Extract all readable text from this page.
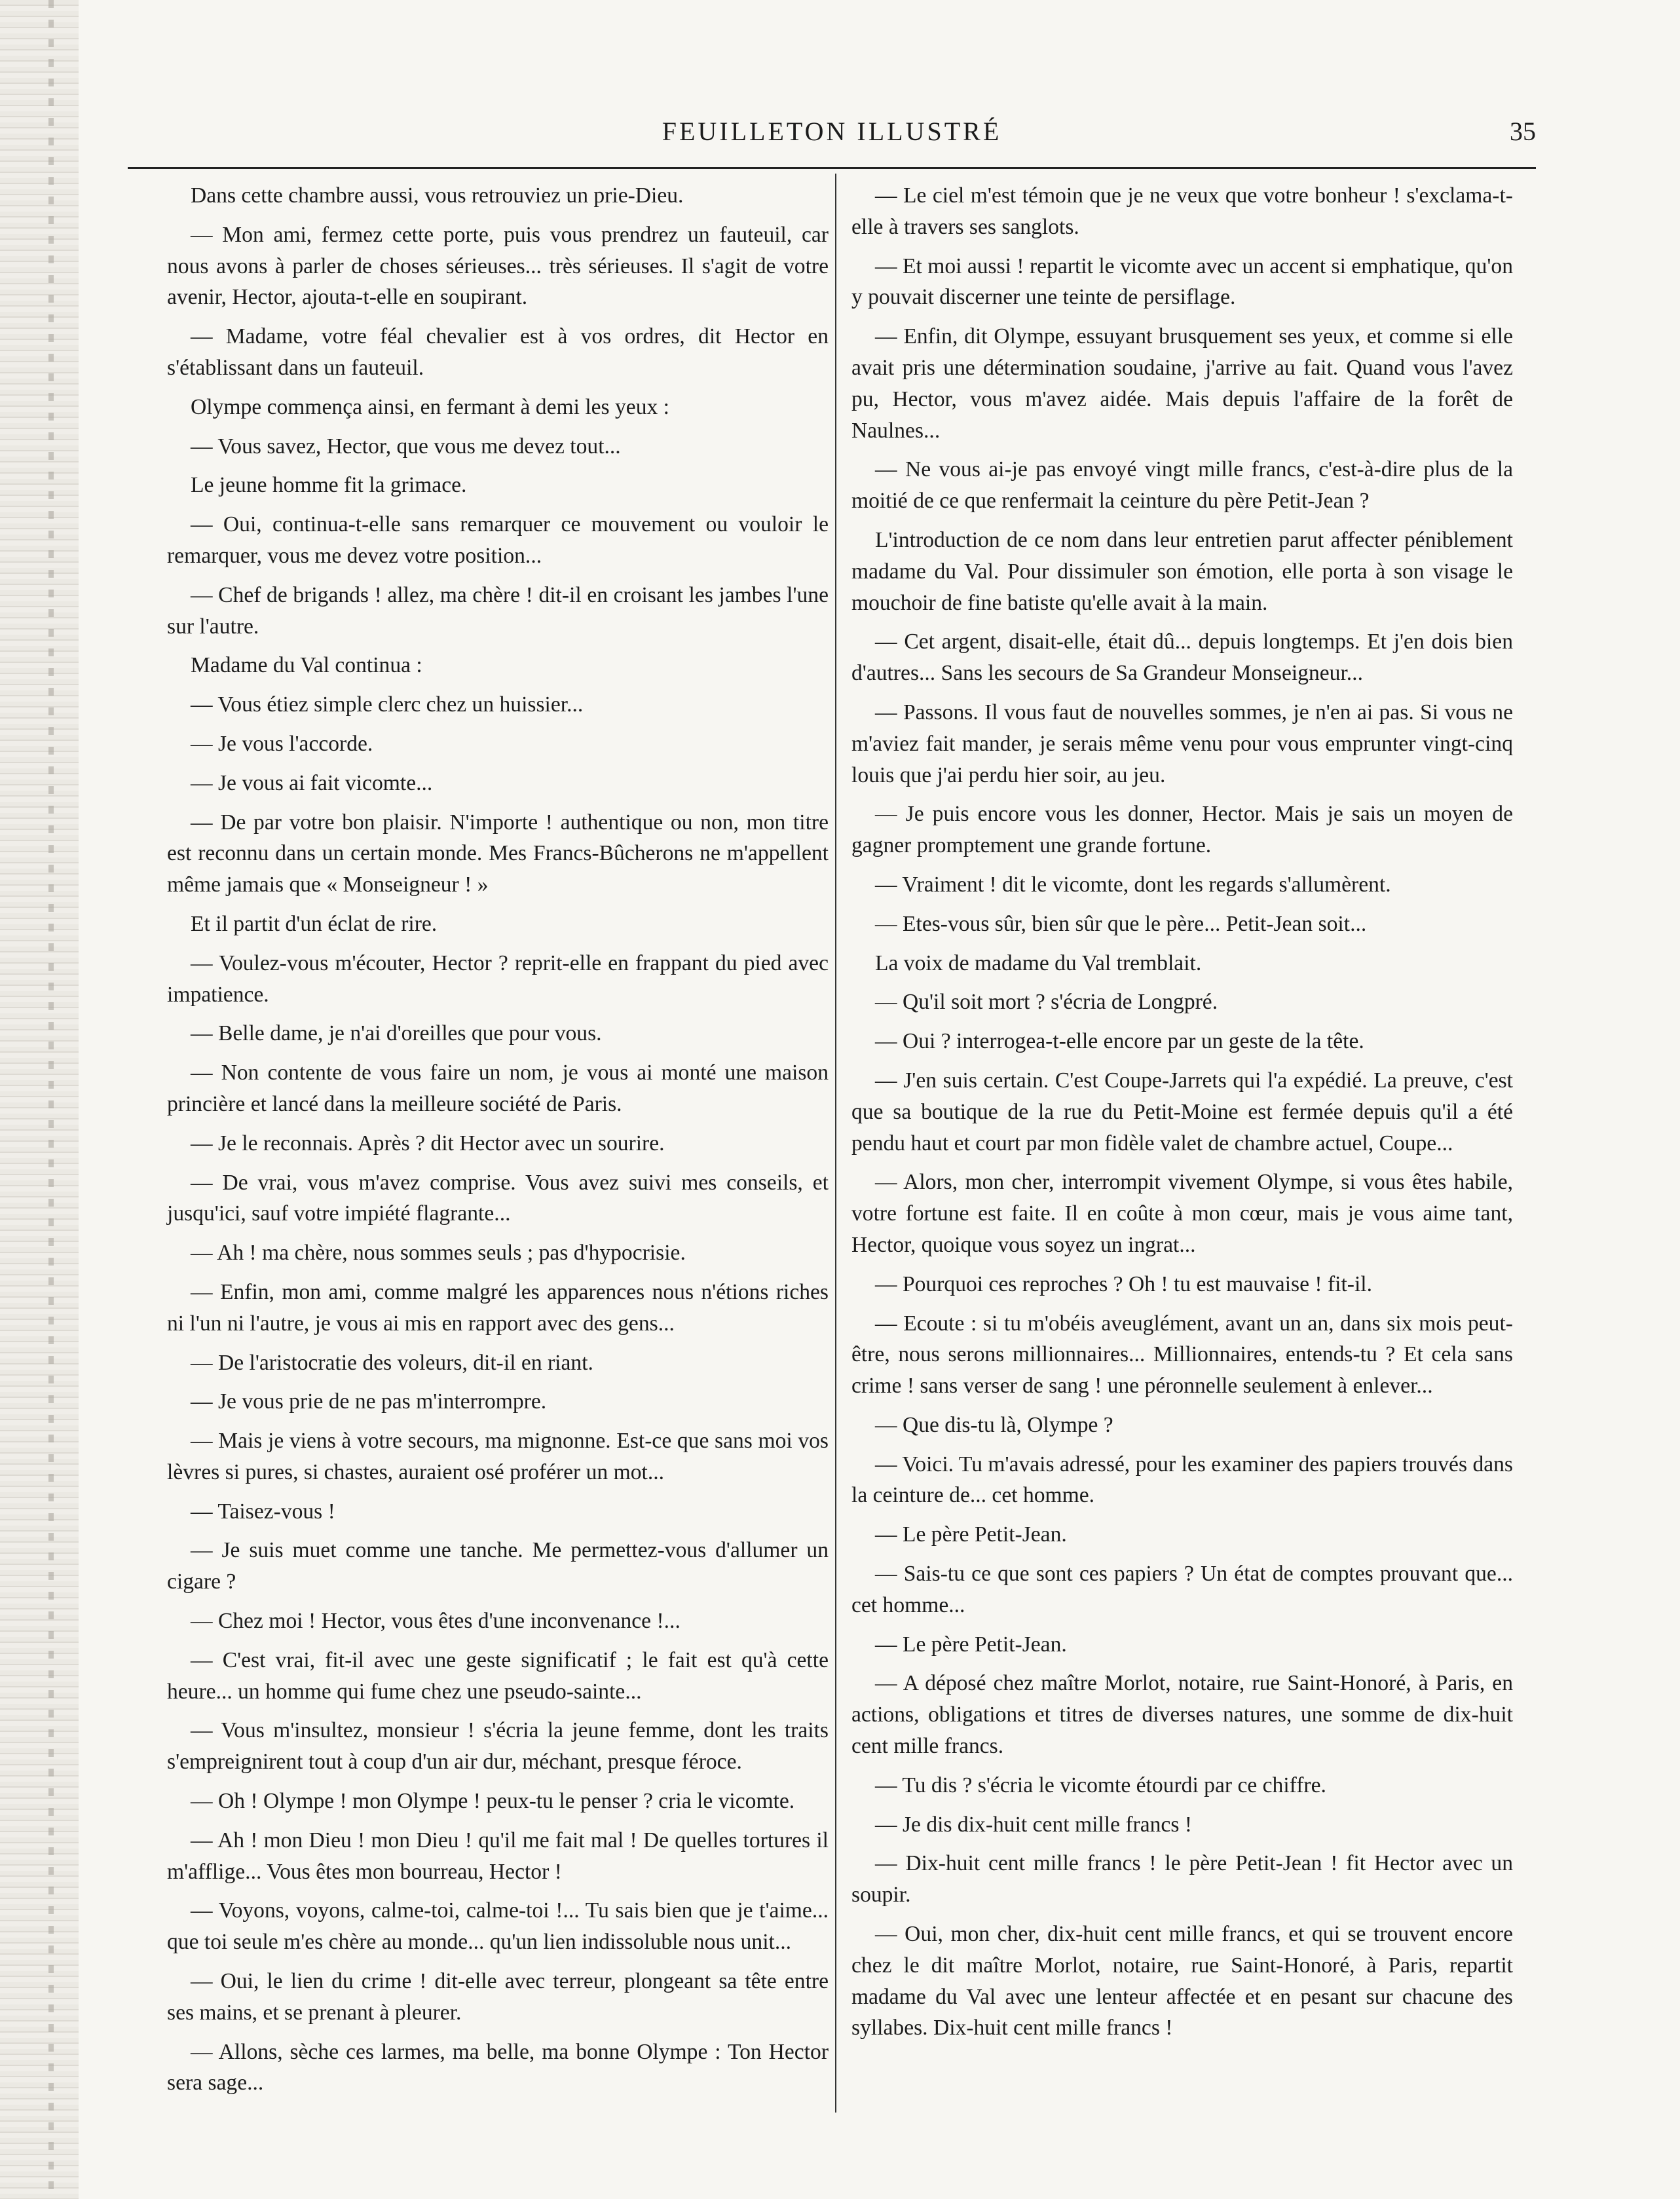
FEUILLETON ILLUSTRÉ	35

Dans cette chambre aussi, vous retrouviez un prie-Dieu.

— Mon ami, fermez cette porte, puis vous prendrez un fauteuil, car nous avons à parler de choses sérieuses... très sérieuses. Il s'agit de votre avenir, Hector, ajouta-t-elle en soupirant.

— Madame, votre féal chevalier est à vos ordres, dit Hector en s'établissant dans un fauteuil.

Olympe commença ainsi, en fermant à demi les yeux :

— Vous savez, Hector, que vous me devez tout...

Le jeune homme fit la grimace.

— Oui, continua-t-elle sans remarquer ce mouvement ou vouloir le remarquer, vous me devez votre position...

— Chef de brigands ! allez, ma chère ! dit-il en croisant les jambes l'une sur l'autre.

Madame du Val continua :

— Vous étiez simple clerc chez un huissier...

— Je vous l'accorde.

— Je vous ai fait vicomte...

— De par votre bon plaisir. N'importe ! authentique ou non, mon titre est reconnu dans un certain monde. Mes Francs-Bûcherons ne m'appellent même jamais que « Monseigneur ! »

Et il partit d'un éclat de rire.

— Voulez-vous m'écouter, Hector ? reprit-elle en frappant du pied avec impatience.

— Belle dame, je n'ai d'oreilles que pour vous.

— Non contente de vous faire un nom, je vous ai monté une maison princière et lancé dans la meilleure société de Paris.

— Je le reconnais. Après ? dit Hector avec un sourire.

— De vrai, vous m'avez comprise. Vous avez suivi mes conseils, et jusqu'ici, sauf votre impiété flagrante...

— Ah ! ma chère, nous sommes seuls ; pas d'hypocrisie.

— Enfin, mon ami, comme malgré les apparences nous n'étions riches ni l'un ni l'autre, je vous ai mis en rapport avec des gens...

— De l'aristocratie des voleurs, dit-il en riant.

— Je vous prie de ne pas m'interrompre.

— Mais je viens à votre secours, ma mignonne. Est-ce que sans moi vos lèvres si pures, si chastes, auraient osé proférer un mot...

— Taisez-vous !

— Je suis muet comme une tanche. Me permettez-vous d'allumer un cigare ?

— Chez moi ! Hector, vous êtes d'une inconvenance !...

— C'est vrai, fit-il avec une geste significatif ; le fait est qu'à cette heure... un homme qui fume chez une pseudo-sainte...

— Vous m'insultez, monsieur ! s'écria la jeune femme, dont les traits s'empreignirent tout à coup d'un air dur, méchant, presque féroce.

— Oh ! Olympe ! mon Olympe ! peux-tu le penser ? cria le vicomte.

— Ah ! mon Dieu ! mon Dieu ! qu'il me fait mal ! De quelles tortures il m'afflige... Vous êtes mon bourreau, Hector !

— Voyons, voyons, calme-toi, calme-toi !... Tu sais bien que je t'aime... que toi seule m'es chère au monde... qu'un lien indissoluble nous unit...

— Oui, le lien du crime ! dit-elle avec terreur, plongeant sa tête entre ses mains, et se prenant à pleurer.

— Allons, sèche ces larmes, ma belle, ma bonne Olympe : Ton Hector sera sage...

— Le ciel m'est témoin que je ne veux que votre bonheur ! s'exclama-t-elle à travers ses sanglots.

— Et moi aussi ! repartit le vicomte avec un accent si emphatique, qu'on y pouvait discerner une teinte de persiflage.

— Enfin, dit Olympe, essuyant brusquement ses yeux, et comme si elle avait pris une détermination soudaine, j'arrive au fait. Quand vous l'avez pu, Hector, vous m'avez aidée. Mais depuis l'affaire de la forêt de Naulnes...

— Ne vous ai-je pas envoyé vingt mille francs, c'est-à-dire plus de la moitié de ce que renfermait la ceinture du père Petit-Jean ?

L'introduction de ce nom dans leur entretien parut affecter péniblement madame du Val. Pour dissimuler son émotion, elle porta à son visage le mouchoir de fine batiste qu'elle avait à la main.

— Cet argent, disait-elle, était dû... depuis longtemps. Et j'en dois bien d'autres... Sans les secours de Sa Grandeur Monseigneur...

— Passons. Il vous faut de nouvelles sommes, je n'en ai pas. Si vous ne m'aviez fait mander, je serais même venu pour vous emprunter vingt-cinq louis que j'ai perdu hier soir, au jeu.

— Je puis encore vous les donner, Hector. Mais je sais un moyen de gagner promptement une grande fortune.

— Vraiment ! dit le vicomte, dont les regards s'allumèrent.

— Etes-vous sûr, bien sûr que le père... Petit-Jean soit...

La voix de madame du Val tremblait.

— Qu'il soit mort ? s'écria de Longpré.

— Oui ? interrogea-t-elle encore par un geste de la tête.

— J'en suis certain. C'est Coupe-Jarrets qui l'a expédié. La preuve, c'est que sa boutique de la rue du Petit-Moine est fermée depuis qu'il a été pendu haut et court par mon fidèle valet de chambre actuel, Coupe...

— Alors, mon cher, interrompit vivement Olympe, si vous êtes habile, votre fortune est faite. Il en coûte à mon cœur, mais je vous aime tant, Hector, quoique vous soyez un ingrat...

— Pourquoi ces reproches ? Oh ! tu est mauvaise ! fit-il.

— Ecoute : si tu m'obéis aveuglément, avant un an, dans six mois peut-être, nous serons millionnaires... Millionnaires, entends-tu ? Et cela sans crime ! sans verser de sang ! une péronnelle seulement à enlever...

— Que dis-tu là, Olympe ?

— Voici. Tu m'avais adressé, pour les examiner des papiers trouvés dans la ceinture de... cet homme.

— Le père Petit-Jean.

— Sais-tu ce que sont ces papiers ? Un état de comptes prouvant que... cet homme...

— Le père Petit-Jean.

— A déposé chez maître Morlot, notaire, rue Saint-Honoré, à Paris, en actions, obligations et titres de diverses natures, une somme de dix-huit cent mille francs.

— Tu dis ? s'écria le vicomte étourdi par ce chiffre.

— Je dis dix-huit cent mille francs !

— Dix-huit cent mille francs ! le père Petit-Jean ! fit Hector avec un soupir.

— Oui, mon cher, dix-huit cent mille francs, et qui se trouvent encore chez le dit maître Morlot, notaire, rue Saint-Honoré, à Paris, repartit madame du Val avec une lenteur affectée et en pesant sur chacune des syllabes. Dix-huit cent mille francs !
